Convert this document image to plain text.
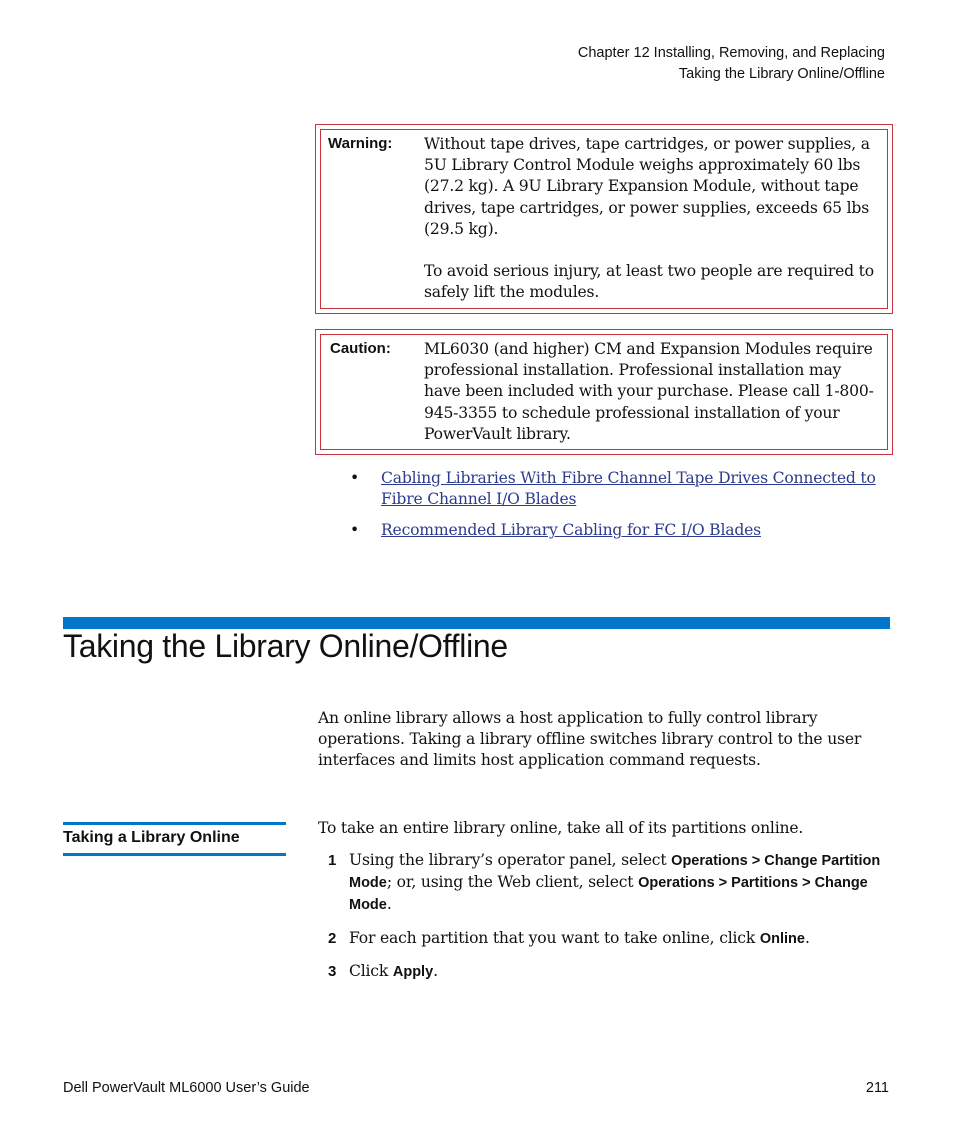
Chapter 12 Installing, Removing, and Replacing
Taking the Library Online/Offline
Warning: Without tape drives, tape cartridges, or power supplies, a 5U Library Control Module weighs approximately 60 lbs (27.2 kg). A 9U Library Expansion Module, without tape drives, tape cartridges, or power supplies, exceeds 65 lbs (29.5 kg).

To avoid serious injury, at least two people are required to safely lift the modules.

Caution: ML6030 (and higher) CM and Expansion Modules require professional installation. Professional installation may have been included with your purchase. Please call 1-800-945-3355 to schedule professional installation of your PowerVault library.

• Cabling Libraries With Fibre Channel Tape Drives Connected to Fibre Channel I/O Blades
• Recommended Library Cabling for FC I/O Blades
Taking the Library Online/Offline

An online library allows a host application to fully control library operations. Taking a library offline switches library control to the user interfaces and limits host application command requests.

Taking a Library Online

To take an entire library online, take all of its partitions online.

1 Using the library’s operator panel, select Operations > Change Partition Mode; or, using the Web client, select Operations > Partitions > Change Mode.
2 For each partition that you want to take online, click Online.
3 Click Apply.
Dell PowerVault ML6000 User’s Guide	211
